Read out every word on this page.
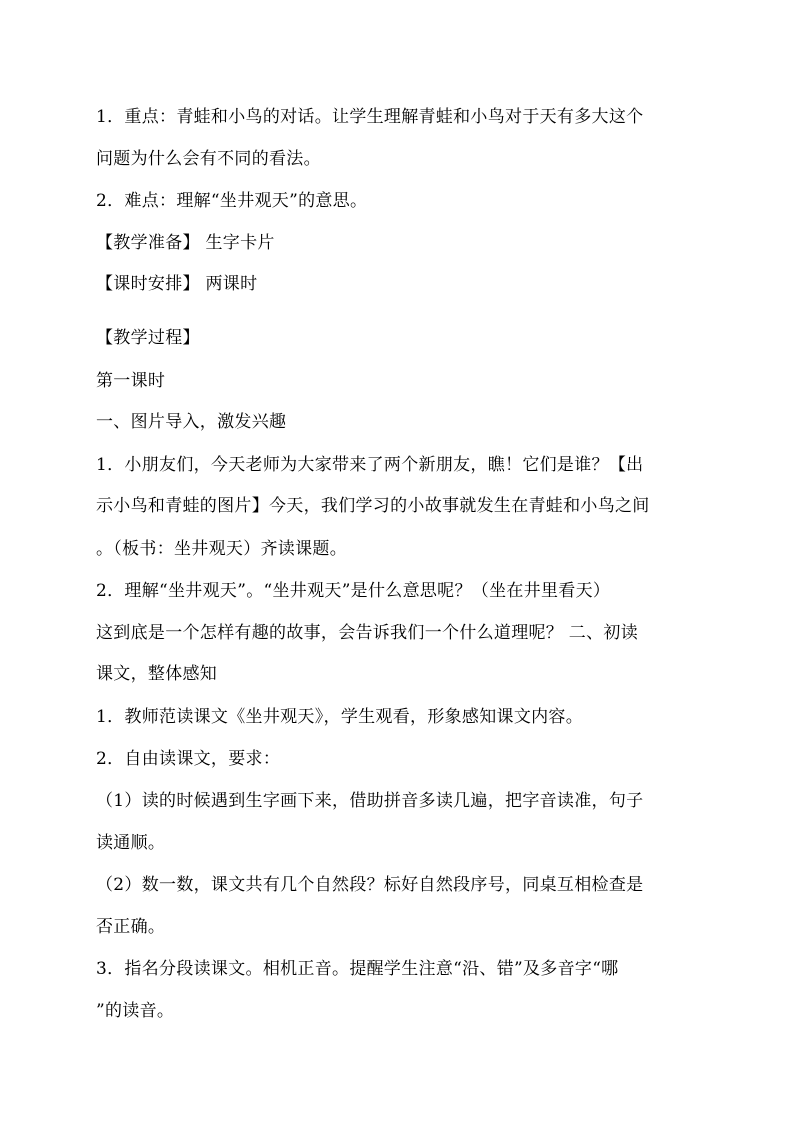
1．重点：青蛙和小鸟的对话。让学生理解青蛙和小鸟对于天有多大这个
问题为什么会有不同的看法。
2．难点：理解“坐井观天”的意思。
【教学准备】 生字卡片
【课时安排】 两课时
【教学过程】
第一课时
一、图片导入，激发兴趣
1．小朋友们，今天老师为大家带来了两个新朋友，瞧！它们是谁？【出
示小鸟和青蛙的图片】今天，我们学习的小故事就发生在青蛙和小鸟之间
。（板书：坐井观天）齐读课题。
2．理解“坐井观天”。“坐井观天”是什么意思呢？（坐在井里看天）
这到底是一个怎样有趣的故事，会告诉我们一个什么道理呢？ 二、初读
课文，整体感知
1．教师范读课文《坐井观天》，学生观看，形象感知课文内容。
2．自由读课文，要求：
（1）读的时候遇到生字画下来，借助拼音多读几遍，把字音读准，句子
读通顺。
（2）数一数，课文共有几个自然段？标好自然段序号，同桌互相检查是
否正确。
3．指名分段读课文。相机正音。提醒学生注意“沿、错”及多音字“哪
”的读音。
